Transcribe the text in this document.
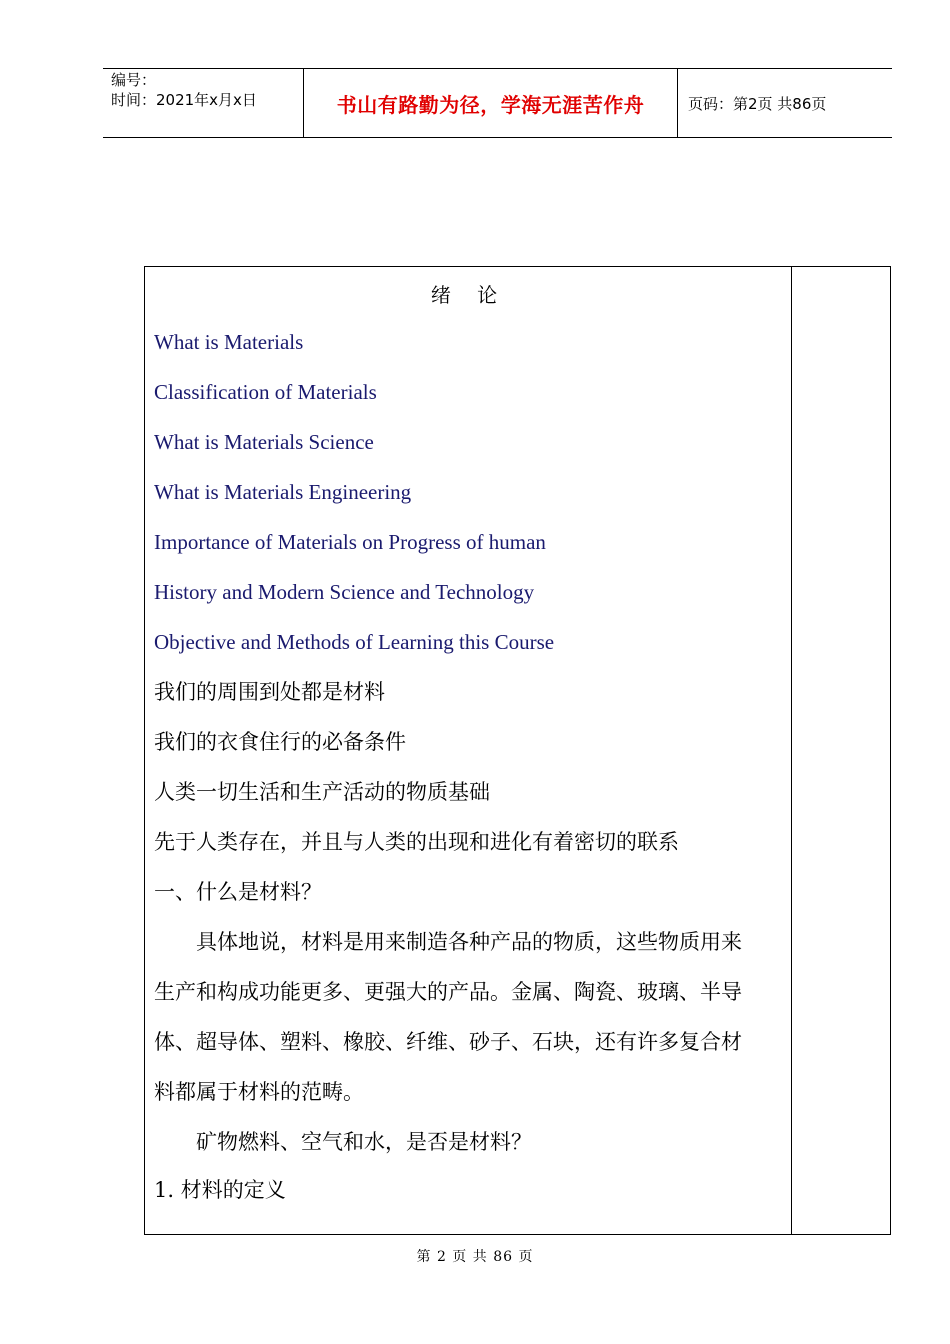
编号：
时间：2021年x月x日	书山有路勤为径，学海无涯苦作舟	页码：第2页 共86页
绪 论
What is Materials
Classification of Materials
What is Materials Science
What is Materials Engineering
Importance of Materials on Progress of human
History and Modern Science and Technology
Objective and Methods of Learning this Course
我们的周围到处都是材料
我们的衣食住行的必备条件
人类一切生活和生产活动的物质基础
先于人类存在，并且与人类的出现和进化有着密切的联系
一、什么是材料？
　　具体地说，材料是用来制造各种产品的物质，这些物质用来
生产和构成功能更多、更强大的产品。金属、陶瓷、玻璃、半导
体、超导体、塑料、橡胶、纤维、砂子、石块，还有许多复合材
料都属于材料的范畴。
　　矿物燃料、空气和水，是否是材料？
1. 材料的定义
第 2 页 共 86 页
